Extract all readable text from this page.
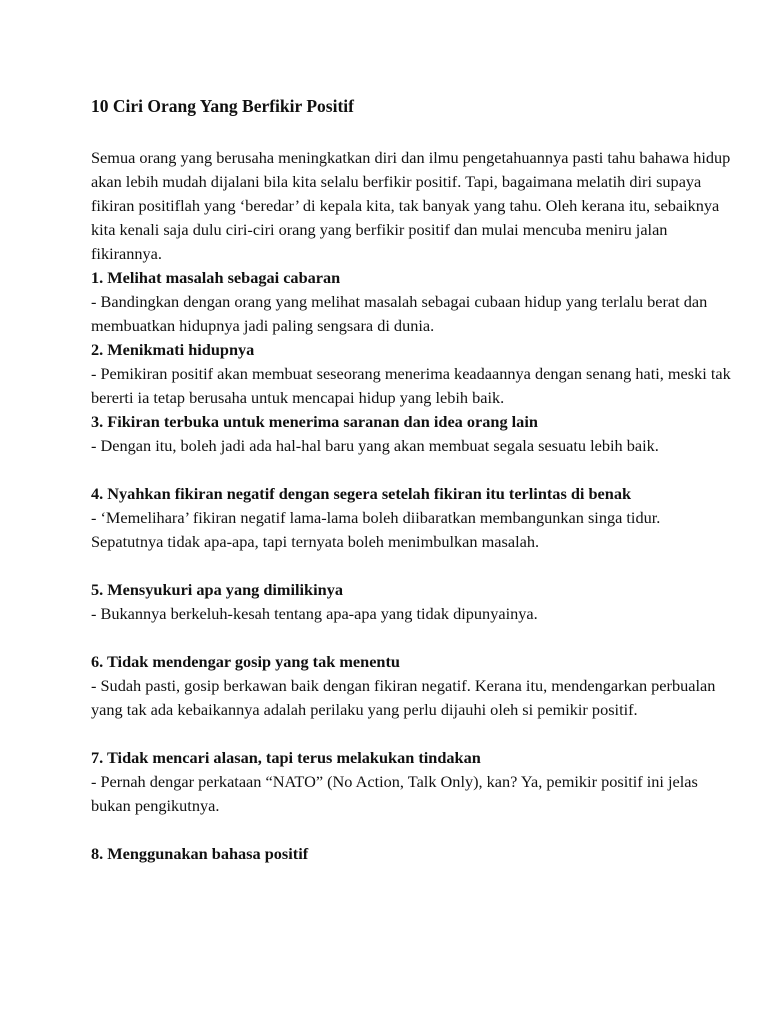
10 Ciri Orang Yang Berfikir Positif

Semua orang yang berusaha meningkatkan diri dan ilmu pengetahuannya pasti tahu bahawa hidup akan lebih mudah dijalani bila kita selalu berfikir positif. Tapi, bagaimana melatih diri supaya fikiran positiflah yang ‘beredar’ di kepala kita, tak banyak yang tahu. Oleh kerana itu, sebaiknya kita kenali saja dulu ciri-ciri orang yang berfikir positif dan mulai mencuba meniru jalan fikirannya.

1. Melihat masalah sebagai cabaran

- Bandingkan dengan orang yang melihat masalah sebagai cubaan hidup yang terlalu berat dan membuatkan hidupnya jadi paling sengsara di dunia.

2. Menikmati hidupnya

- Pemikiran positif akan membuat seseorang menerima keadaannya dengan senang hati, meski tak bererti ia tetap berusaha untuk mencapai hidup yang lebih baik.

3. Fikiran terbuka untuk menerima saranan dan idea orang lain

- Dengan itu, boleh jadi ada hal-hal baru yang akan membuat segala sesuatu lebih baik.

4. Nyahkan fikiran negatif dengan segera setelah fikiran itu terlintas di benak

- ‘Memelihara’ fikiran negatif lama-lama boleh diibaratkan membangunkan singa tidur. Sepatutnya tidak apa-apa, tapi ternyata boleh menimbulkan masalah.

5. Mensyukuri apa yang dimilikinya

- Bukannya berkeluh-kesah tentang apa-apa yang tidak dipunyainya.

6. Tidak mendengar gosip yang tak menentu

- Sudah pasti, gosip berkawan baik dengan fikiran negatif. Kerana itu, mendengarkan perbualan yang tak ada kebaikannya adalah perilaku yang perlu dijauhi oleh si pemikir positif.

7. Tidak mencari alasan, tapi terus melakukan tindakan

- Pernah dengar perkataan “NATO” (No Action, Talk Only), kan? Ya, pemikir positif ini jelas bukan pengikutnya.

8. Menggunakan bahasa positif
